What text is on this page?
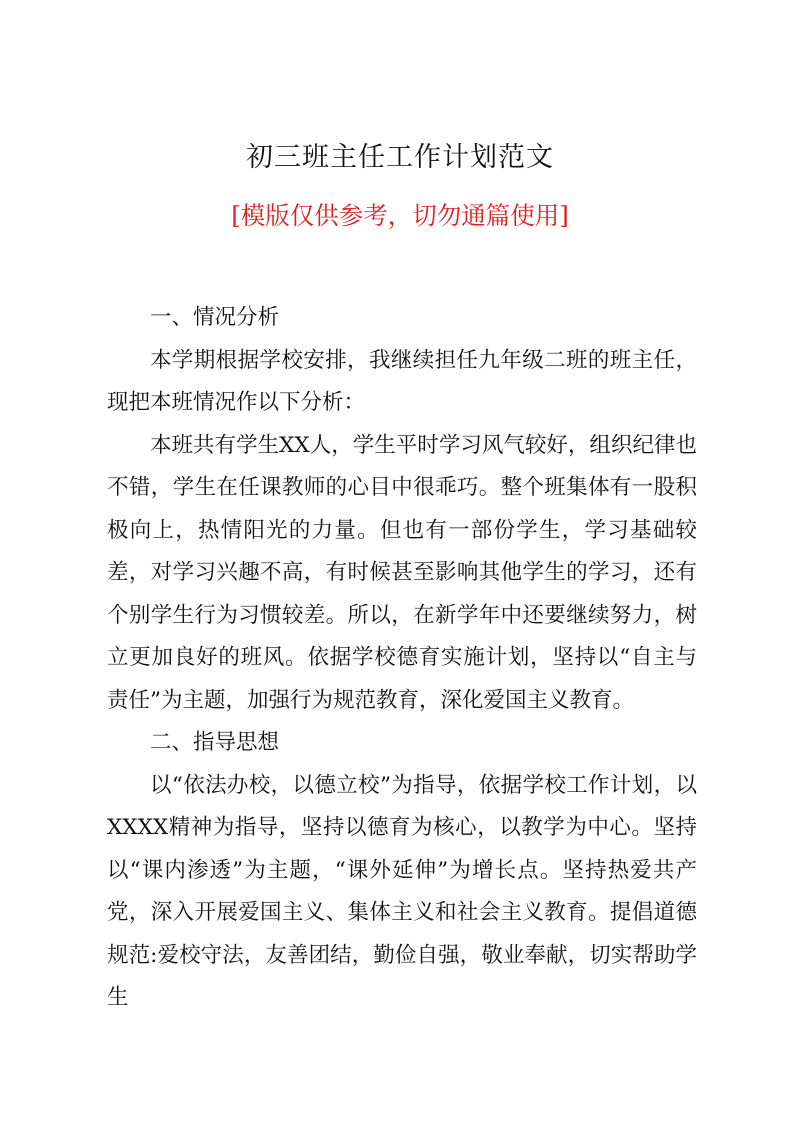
初三班主任工作计划范文
[模版仅供参考，切勿通篇使用]

一、情况分析

本学期根据学校安排，我继续担任九年级二班的班主任，现把本班情况作以下分析：

本班共有学生XX人，学生平时学习风气较好，组织纪律也不错，学生在任课教师的心目中很乖巧。整个班集体有一股积极向上，热情阳光的力量。但也有一部份学生，学习基础较差，对学习兴趣不高，有时候甚至影响其他学生的学习，还有个别学生行为习惯较差。所以，在新学年中还要继续努力，树立更加良好的班风。依据学校德育实施计划，坚持以“自主与责任”为主题，加强行为规范教育，深化爱国主义教育。

二、指导思想

以“依法办校，以德立校”为指导，依据学校工作计划，以XXXX精神为指导，坚持以德育为核心，以教学为中心。坚持以“课内渗透”为主题，“课外延伸”为增长点。坚持热爱共产党，深入开展爱国主义、集体主义和社会主义教育。提倡道德规范:爱校守法，友善团结，勤俭自强，敬业奉献，切实帮助学生
